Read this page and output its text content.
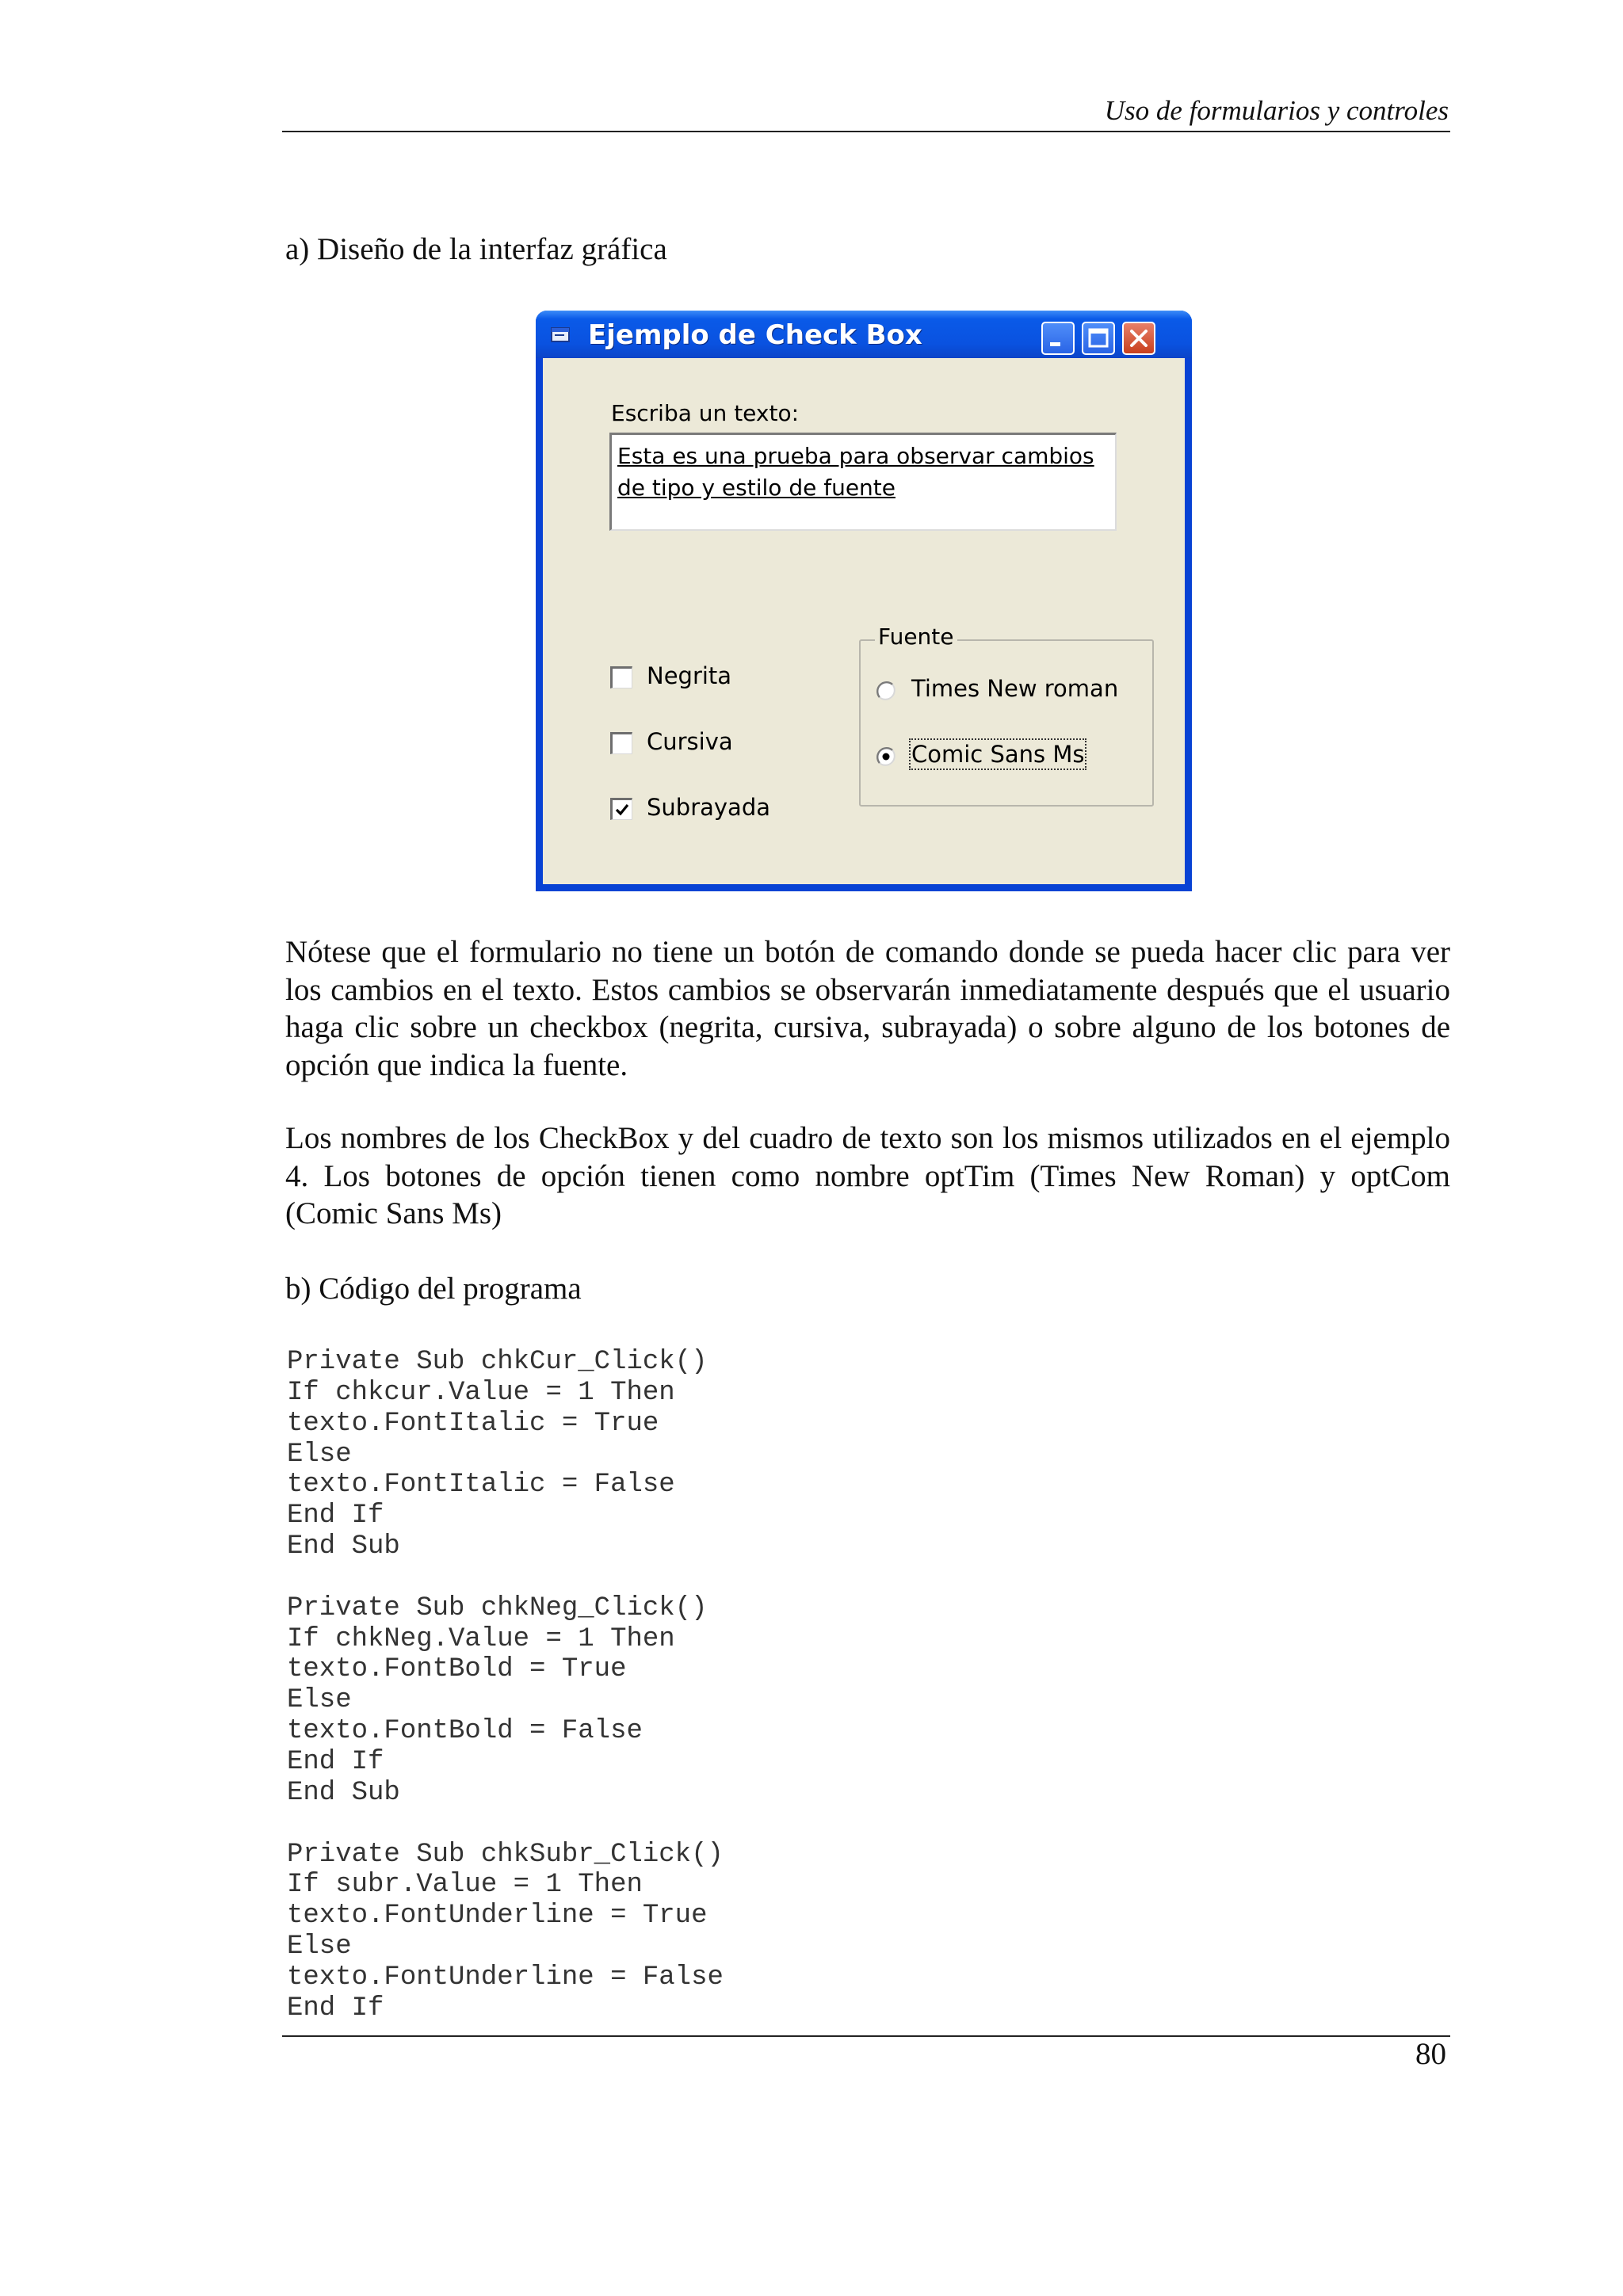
Uso de formularios y controles
a) Diseño de la interfaz gráfica
Ejemplo de Check Box
Escriba un texto:
Esta es una prueba para observar cambios de tipo y estilo de fuente
Negrita
Cursiva
Subrayada
Fuente
Times New roman
Comic Sans Ms
Nótese que el formulario no tiene un botón de comando donde se pueda hacer clic para ver los cambios en el texto. Estos cambios se observarán inmediatamente después que el usuario haga clic sobre un checkbox (negrita, cursiva, subrayada) o sobre alguno de los botones de opción que indica la fuente.
Los nombres de los CheckBox y del cuadro de texto son los mismos utilizados en el ejemplo 4. Los botones de opción tienen como nombre optTim (Times New Roman) y optCom (Comic Sans Ms)
b) Código del programa
Private Sub chkCur_Click()
If chkcur.Value = 1 Then
texto.FontItalic = True
Else
texto.FontItalic = False
End If
End Sub
Private Sub chkNeg_Click()
If chkNeg.Value = 1 Then
texto.FontBold = True
Else
texto.FontBold = False
End If
End Sub
Private Sub chkSubr_Click()
If subr.Value = 1 Then
texto.FontUnderline = True
Else
texto.FontUnderline = False
End If
80
